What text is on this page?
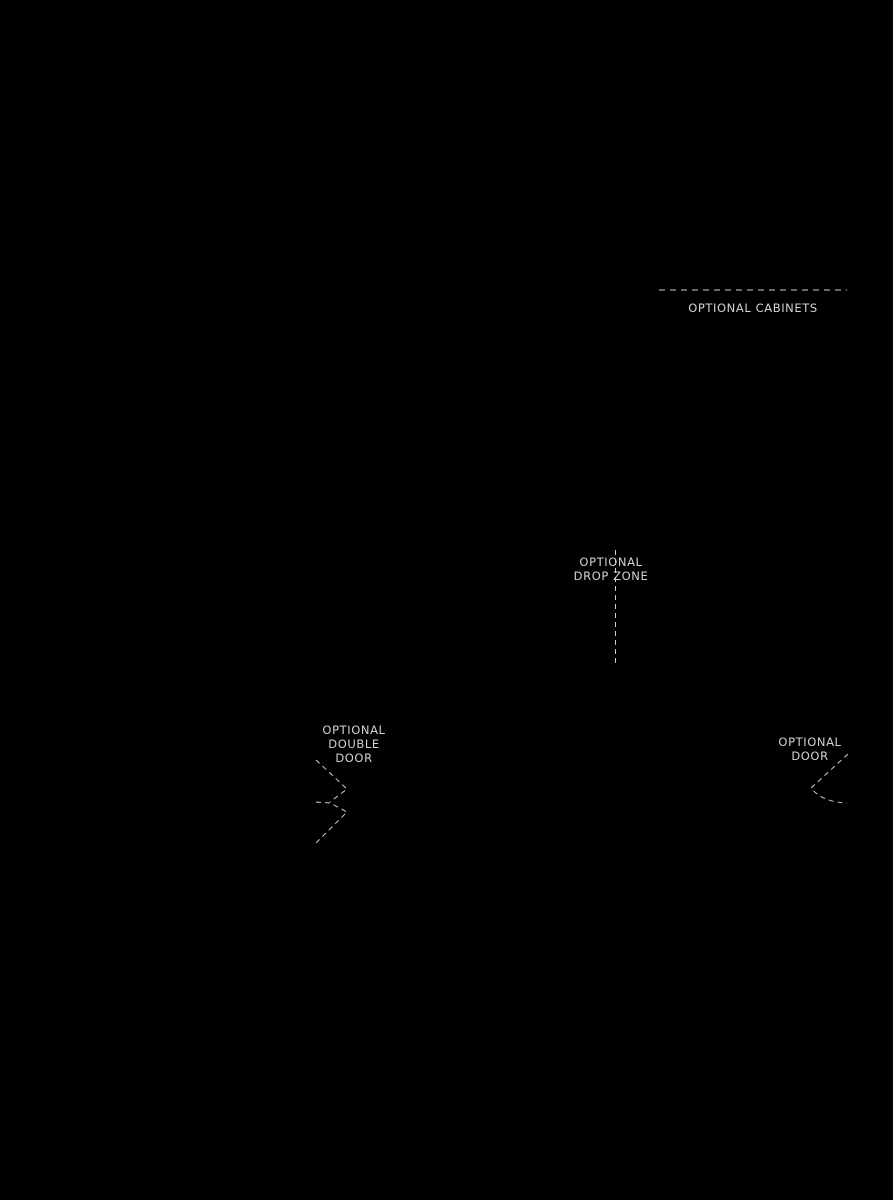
OPTIONAL CABINETS
OPTIONAL
DROP ZONE
OPTIONAL
DOUBLE
DOOR
OPTIONAL
DOOR
